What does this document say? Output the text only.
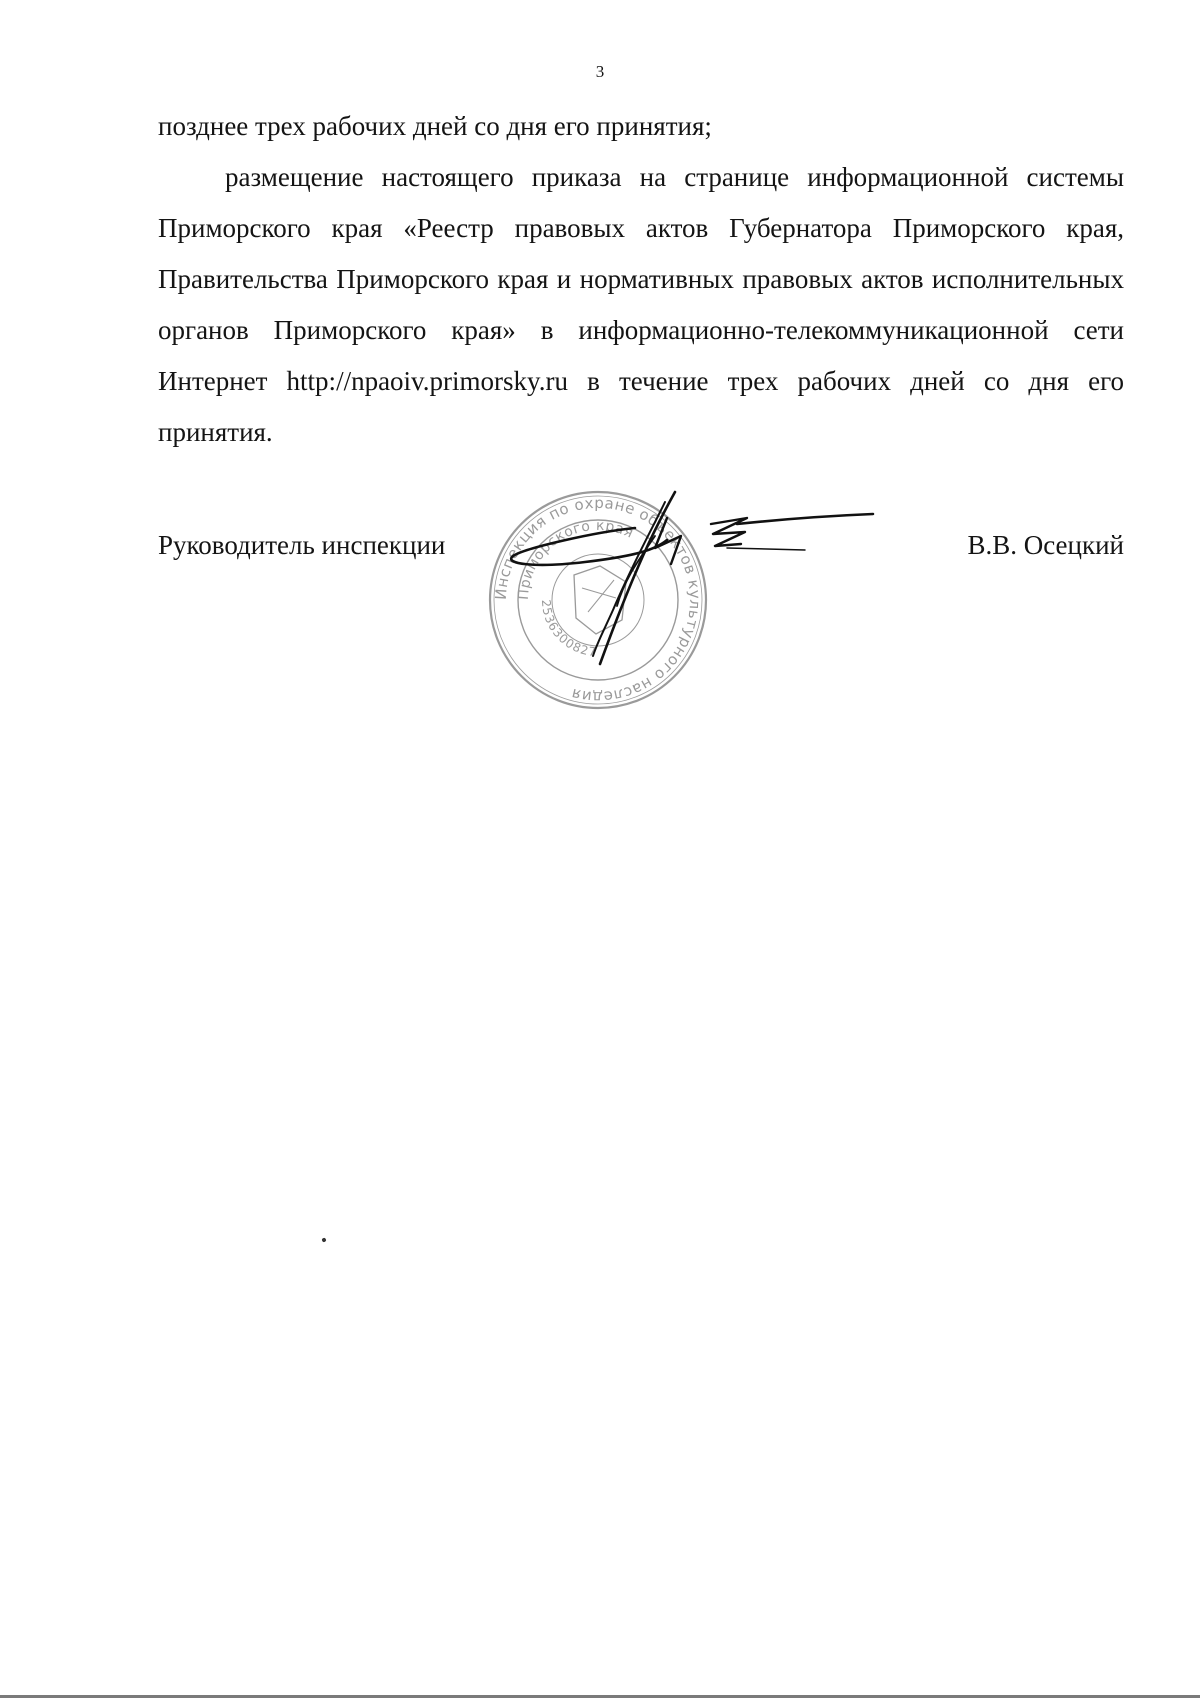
3
позднее трех рабочих дней со дня его принятия;
размещение настоящего приказа на странице информационной системы Приморского края «Реестр правовых актов Губернатора Приморского края, Правительства Приморского края и нормативных правовых актов исполнительных органов Приморского края» в информационно-телекоммуникационной сети Интернет http://npaoiv.primorsky.ru в течение трех рабочих дней со дня его принятия.
Руководитель инспекции
Инспекция по охране объектов культурного наследия
Приморского края
2536300827
В.В. Осецкий
